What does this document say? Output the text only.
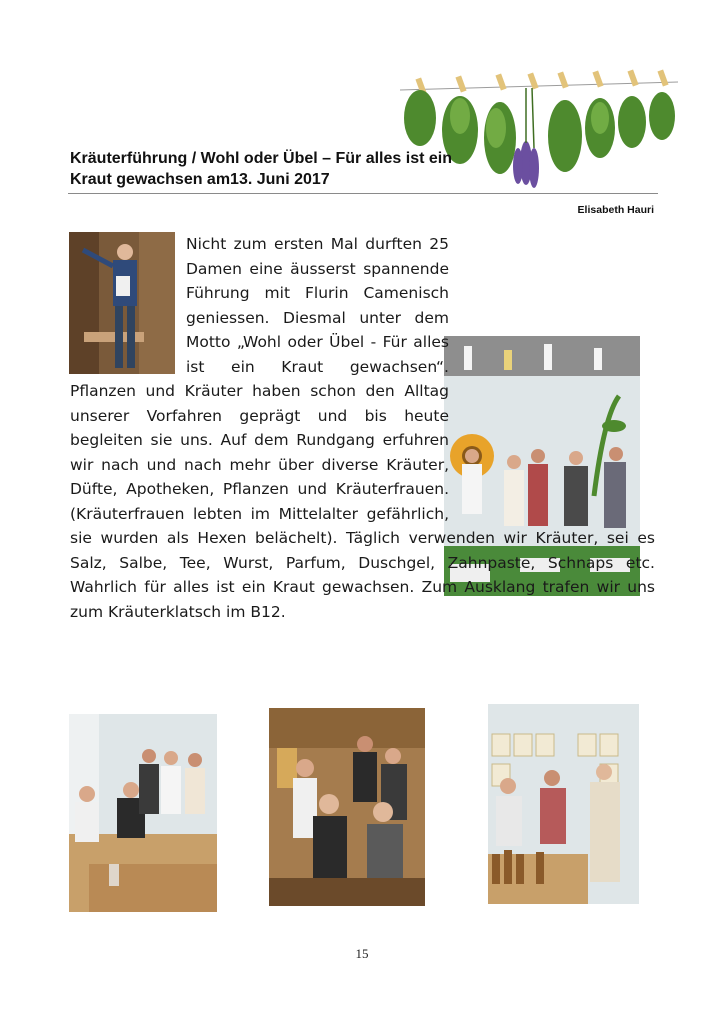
Kräuterführung / Wohl oder Übel – Für alles ist ein Kraut gewachsen am13. Juni 2017
Elisabeth Hauri
Nicht zum ersten Mal durften 25 Damen eine äusserst spannende Führung mit Flurin Camenisch geniessen. Diesmal unter dem Motto „Wohl oder Übel - Für alles ist ein Kraut gewachsen“. Pflanzen und Kräuter haben schon den Alltag unserer Vorfahren geprägt und bis heute begleiten sie uns. Auf dem Rundgang erfuhren wir nach und nach mehr über diverse Kräuter, Düfte, Apotheken, Pflanzen und Kräuterfrauen. (Kräuterfrauen lebten im Mittelalter gefährlich, sie wurden als Hexen belächelt). Täglich verwenden wir Kräuter, sei es Salz, Salbe, Tee, Wurst, Parfum, Duschgel, Zahnpaste, Schnaps etc. Wahrlich für alles ist ein Kraut gewachsen. Zum Ausklang trafen wir uns zum Kräuterklatsch im B12.
15
